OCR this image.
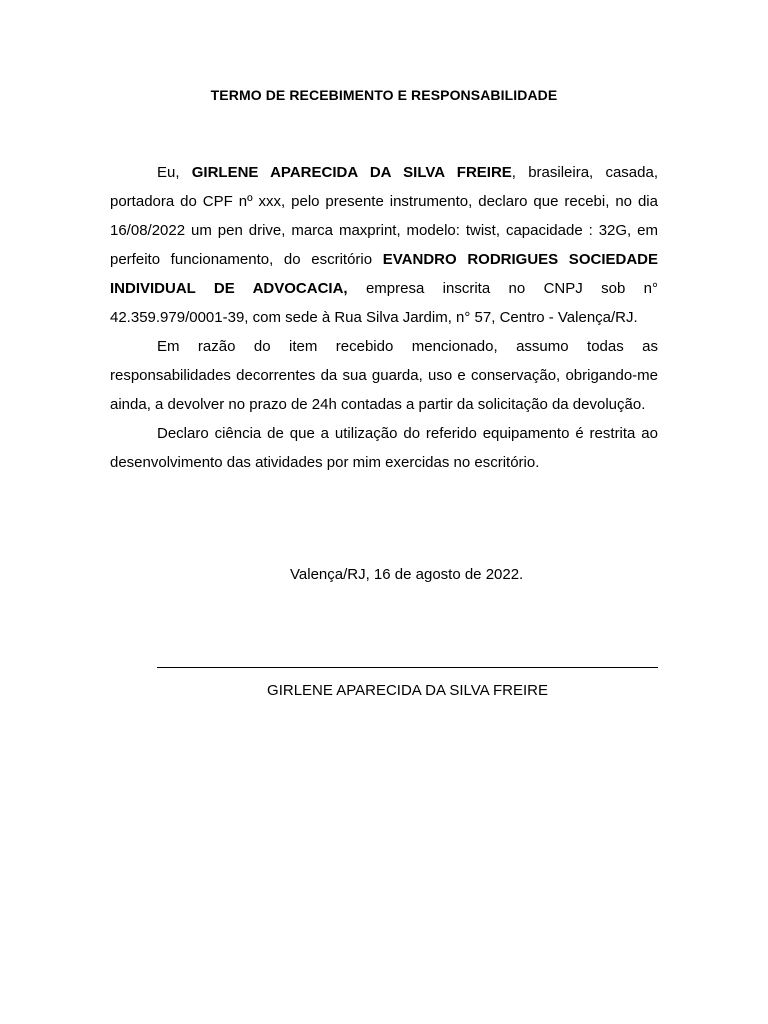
TERMO DE RECEBIMENTO E RESPONSABILIDADE

Eu, GIRLENE APARECIDA DA SILVA FREIRE, brasileira, casada, portadora do CPF nº xxx, pelo presente instrumento, declaro que recebi, no dia 16/08/2022 um pen drive, marca maxprint, modelo: twist, capacidade : 32G, em perfeito funcionamento, do escritório EVANDRO RODRIGUES SOCIEDADE INDIVIDUAL DE ADVOCACIA, empresa inscrita no CNPJ sob n° 42.359.979/0001-39, com sede à Rua Silva Jardim, n° 57, Centro - Valença/RJ.

Em razão do item recebido mencionado, assumo todas as responsabilidades decorrentes da sua guarda, uso e conservação, obrigando-me ainda, a devolver no prazo de 24h contadas a partir da solicitação da devolução.

Declaro ciência de que a utilização do referido equipamento é restrita ao desenvolvimento das atividades por mim exercidas no escritório.

Valença/RJ, 16 de agosto de 2022.
GIRLENE APARECIDA DA SILVA FREIRE
